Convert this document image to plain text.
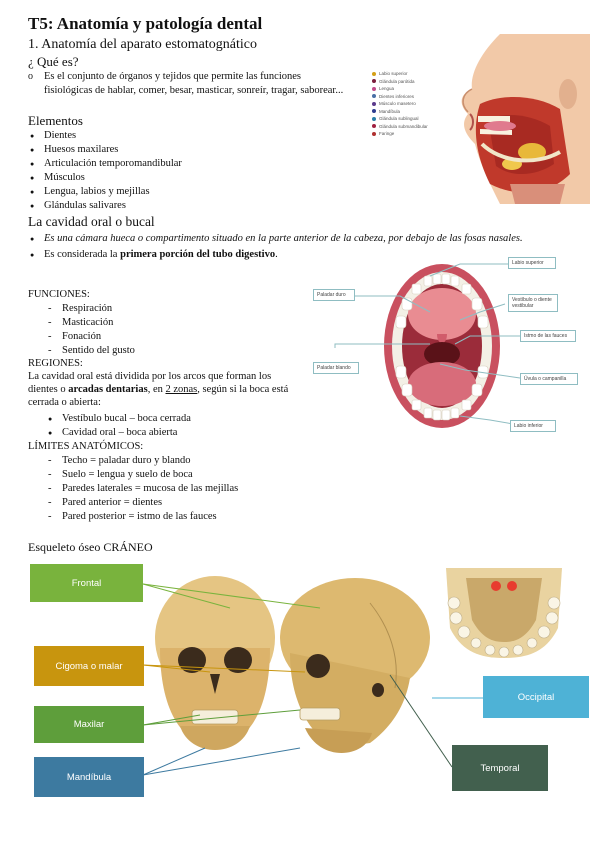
T5: Anatomía y patología dental
1. Anatomía del aparato estomatognático
¿ Qué es?
o Es el conjunto de órganos y tejidos que permite las funciones fisiológicas de hablar, comer, besar, masticar, sonreír, tragar, saborear...
Elementos
● Dientes
● Huesos maxilares
● Articulación temporomandibular
● Músculos
● Lengua, labios y mejillas
● Glándulas salivares
La cavidad oral o bucal
● Es una cámara hueca o compartimento situado en la parte anterior de la cabeza, por debajo de las fosas nasales.
● Es considerada la primera porción del tubo digestivo.
FUNCIONES:
- Respiración
- Masticación
- Fonación
- Sentido del gusto
REGIONES:
La cavidad oral está dividida por los arcos que forman los dientes o arcadas dentarias, en 2 zonas, según si la boca está cerrada o abierta:
● Vestíbulo bucal – boca cerrada
● Cavidad oral – boca abierta
LÍMITES ANATÓMICOS:
- Techo = paladar duro y blando
- Suelo = lengua y suelo de boca
- Paredes laterales = mucosa de las mejillas
- Pared anterior = dientes
- Pared posterior = istmo de las fauces
Esqueleto óseo CRÁNEO
Labio superior
Glándula parótida
Lengua
Dientes inferiores
Músculo masetero
Mandíbula
Glándula sublingual
Glándula submandibular
Faringe
Labio superior
Paladar duro
Vestíbulo o diente vestibular
Istmo de las fauces
Paladar blando
Úvula o campanilla
Labio inferior
Frontal
Cigoma o malar
Maxilar
Mandíbula
Occipital
Temporal
